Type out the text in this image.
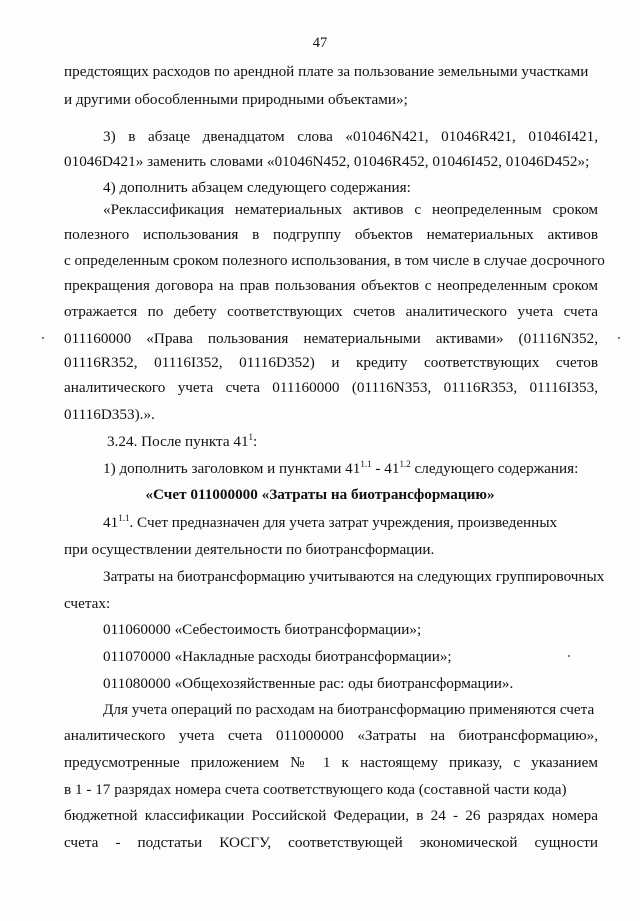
47
предстоящих расходов по арендной плате за пользование земельными участками
и другими обособленными природными объектами»;
3) в абзаце двенадцатом слова «01046N421, 01046R421, 01046I421,
01046D421» заменить словами «01046N452, 01046R452, 01046I452, 01046D452»;
4) дополнить абзацем следующего содержания:
«Реклассификация нематериальных активов с неопределенным сроком
полезного использования в подгруппу объектов нематериальных активов
с определенным сроком полезного использования, в том числе в случае досрочного
прекращения договора на прав пользования объектов с неопределенным сроком
отражается по дебету соответствующих счетов аналитического учета счета
011160000 «Права пользования нематериальными активами» (01116N352,
01116R352, 01116I352, 01116D352) и кредиту соответствующих счетов
аналитического учета счета 011160000 (01116N353, 01116R353, 01116I353,
01116D353).».
3.24. После пункта $41^1$:
1) дополнить заголовком и пунктами $41^{1.1} - 41^{1.2}$ следующего содержания:
«Счет 011000000 «Затраты на биотрансформацию»
$41^{1.1}$. Счет предназначен для учета затрат учреждения, произведенных
при осуществлении деятельности по биотрансформации.
Затраты на биотрансформацию учитываются на следующих группировочных
счетах:
011060000 «Себестоимость биотрансформации»;
011070000 «Накладные расходы биотрансформации»;
011080000 «Общехозяйственные рас: оды биотрансформации».
Для учета операций по расходам на биотрансформацию применяются счета
аналитического учета счета 011000000 «Затраты на биотрансформацию»,
предусмотренные приложением № 1 к настоящему приказу, с указанием
в 1 - 17 разрядах номера счета соответствующего кода (составной части кода)
бюджетной классификации Российской Федерации, в 24 - 26 разрядах номера
счета - подстатьи КОСГУ, соответствующей экономической сущности
